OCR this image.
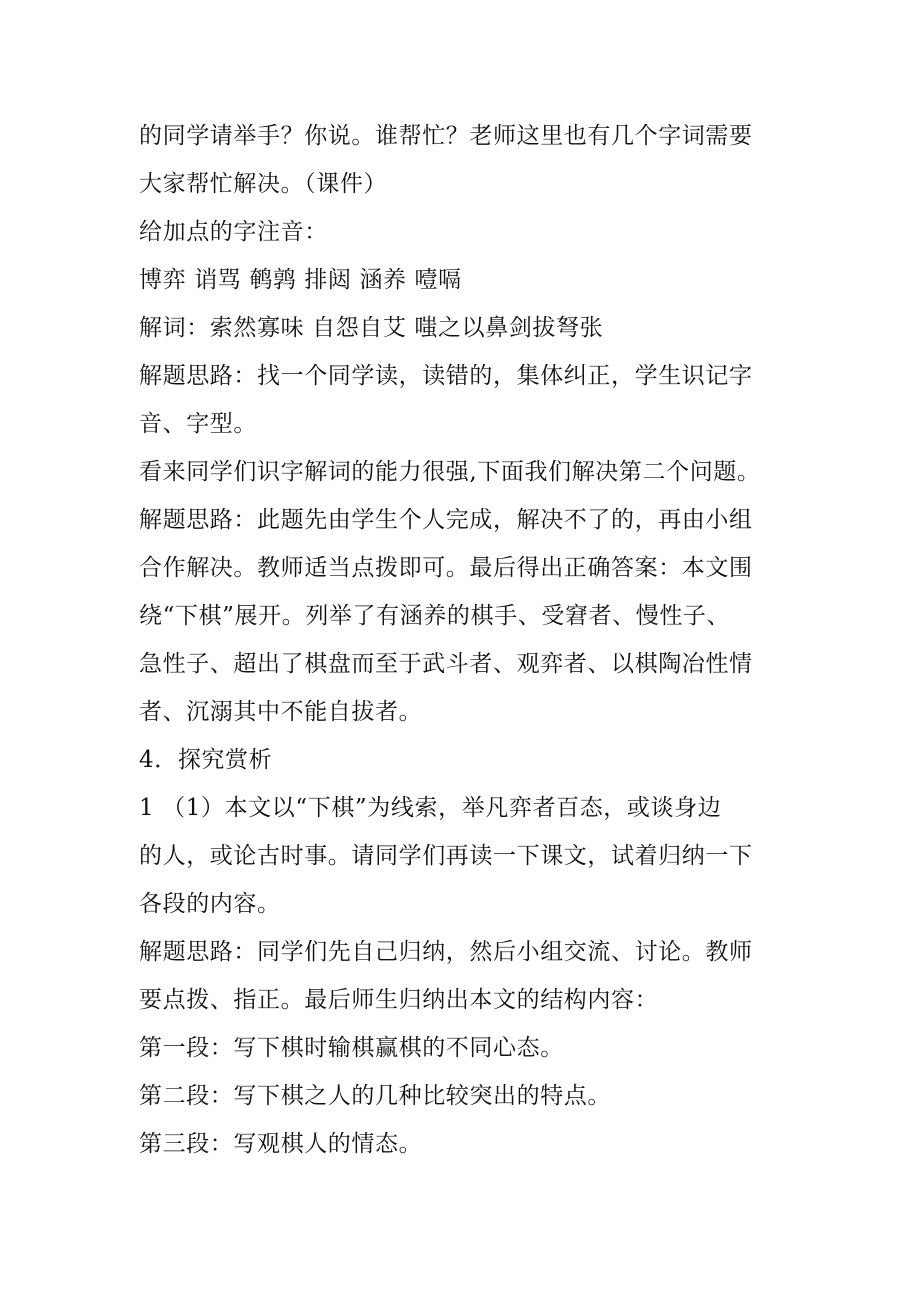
的同学请举手？你说。谁帮忙？老师这里也有几个字词需要
大家帮忙解决。（课件）
给加点的字注音：
博弈 诮骂 鹌鹑 排闼 涵养 噎嗝
解词：索然寡味 自怨自艾 嗤之以鼻剑拔弩张
解题思路：找一个同学读，读错的，集体纠正，学生识记字
音、字型。
看来同学们识字解词的能力很强,下面我们解决第二个问题。
解题思路：此题先由学生个人完成，解决不了的，再由小组
合作解决。教师适当点拨即可。最后得出正确答案：本文围
绕“下棋”展开。列举了有涵养的棋手、受窘者、慢性子、
急性子、超出了棋盘而至于武斗者、观弈者、以棋陶冶性情
者、沉溺其中不能自拔者。
4．探究赏析
1 （1）本文以“下棋”为线索，举凡弈者百态，或谈身边
的人，或论古时事。请同学们再读一下课文，试着归纳一下
各段的内容。
解题思路：同学们先自己归纳，然后小组交流、讨论。教师
要点拨、指正。最后师生归纳出本文的结构内容：
第一段：写下棋时输棋赢棋的不同心态。
第二段：写下棋之人的几种比较突出的特点。
第三段：写观棋人的情态。
